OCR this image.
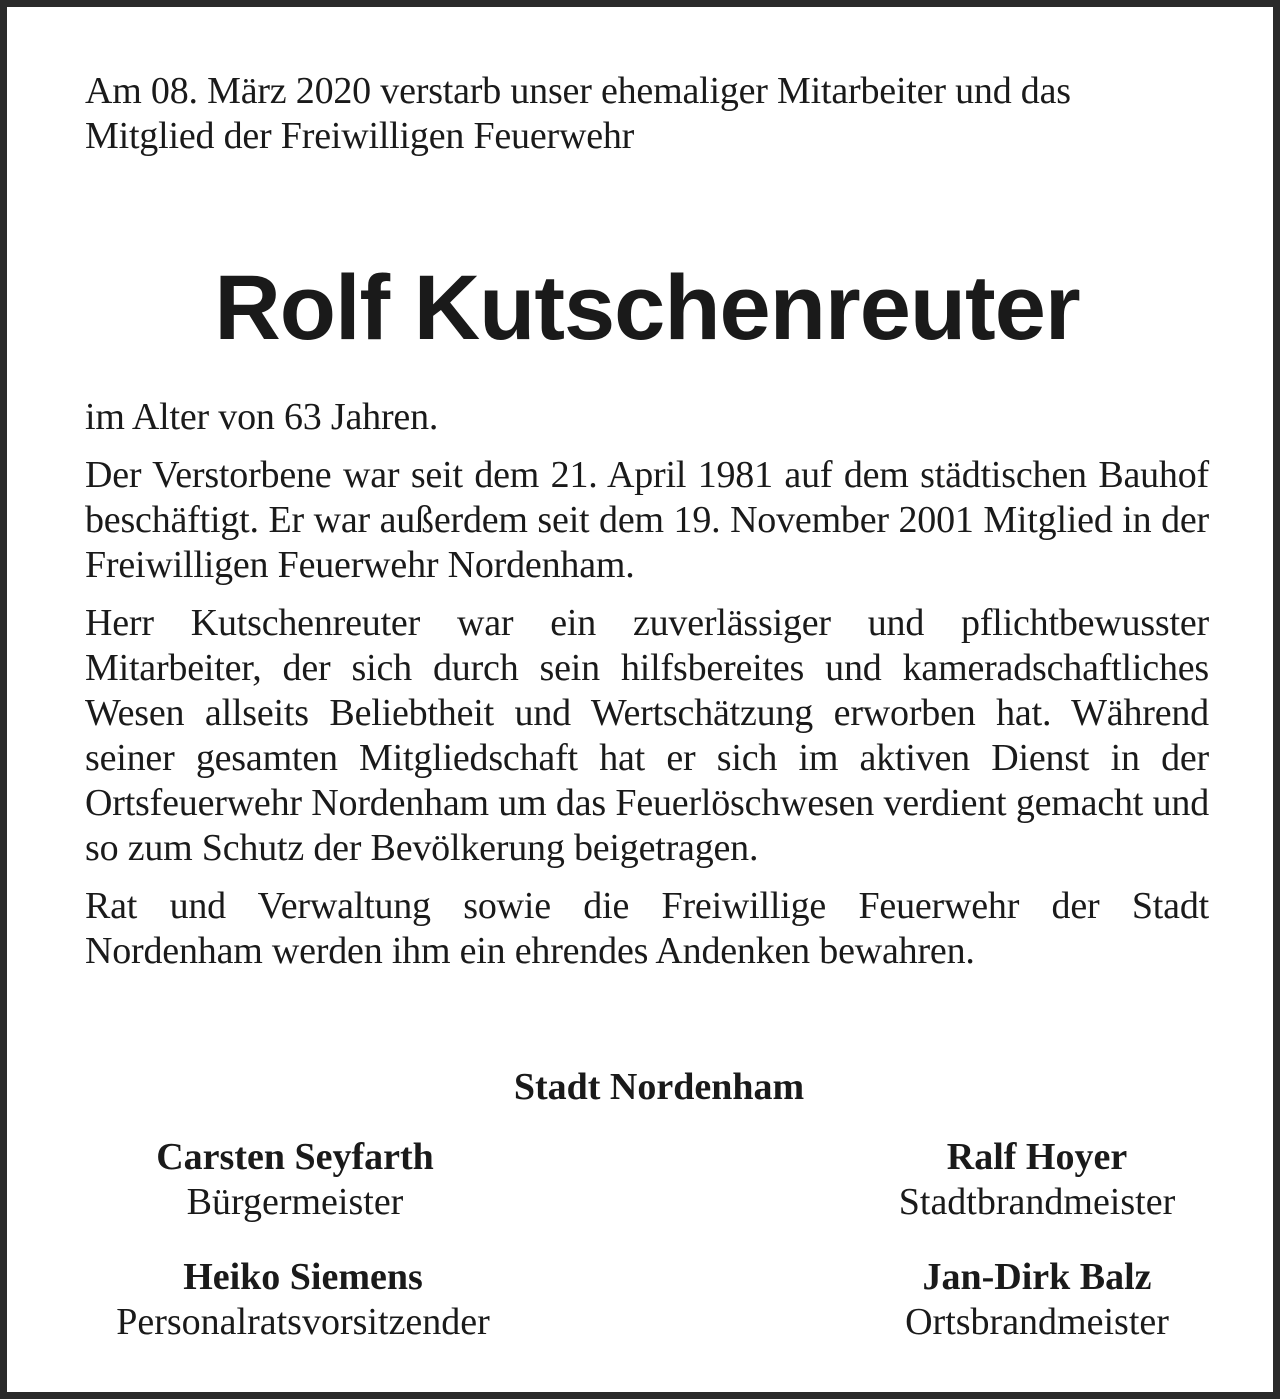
Am 08. März 2020 verstarb unser ehemaliger Mitarbeiter und das Mitglied der Freiwilligen Feuerwehr

Rolf Kutschenreuter

im Alter von 63 Jahren.

Der Verstorbene war seit dem 21. April 1981 auf dem städtischen Bauhof beschäftigt. Er war außerdem seit dem 19. November 2001 Mitglied in der Freiwilligen Feuerwehr Nordenham.

Herr Kutschenreuter war ein zuverlässiger und pflichtbewusster Mitarbeiter, der sich durch sein hilfsbereites und kameradschaftliches Wesen allseits Beliebtheit und Wertschätzung erworben hat. Während seiner gesamten Mitgliedschaft hat er sich im aktiven Dienst in der Ortsfeuerwehr Nordenham um das Feuerlöschwesen verdient gemacht und so zum Schutz der Bevölkerung beigetragen.

Rat und Verwaltung sowie die Freiwillige Feuerwehr der Stadt Nordenham werden ihm ein ehrendes Andenken bewahren.

Stadt Nordenham
Carsten Seyfarth
Bürgermeister
Ralf Hoyer
Stadtbrandmeister
Heiko Siemens
Personalratsvorsitzender
Jan-Dirk Balz
Ortsbrandmeister
